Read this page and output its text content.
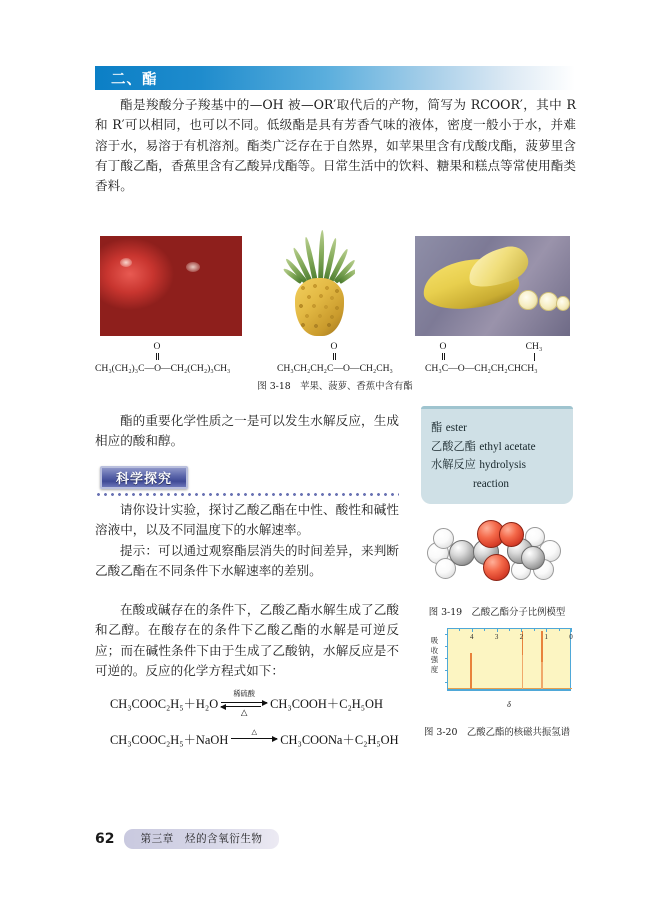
二、酯
酯是羧酸分子羧基中的—OH 被—OR′取代后的产物，简写为 RCOOR′，其中 R 和 R′可以相同，也可以不同。低级酯是具有芳香气味的液体，密度一般小于水，并难溶于水，易溶于有机溶剂。酯类广泛存在于自然界，如苹果里含有戊酸戊酯，菠萝里含有丁酸乙酯，香蕉里含有乙酸异戊酯等。日常生活中的饮料、糖果和糕点等常使用酯类香料。
O
CH₃(CH₂)₃C—O—CH₂(CH₂)₃CH₃
O
CH₃CH₂CH₂C—O—CH₂CH₃
O	CH₃
CH₃C—O—CH₂CH₂CHCH₃
图 3-18　苹果、菠萝、香蕉中含有酯
酯的重要化学性质之一是可以发生水解反应，生成相应的酸和醇。
酯 ester
乙酸乙酯 ethyl acetate
水解反应 hydrolysis
reaction
科学探究
请你设计实验，探讨乙酸乙酯在中性、酸性和碱性溶液中，以及不同温度下的水解速率。
提示：可以通过观察酯层消失的时间差异，来判断乙酸乙酯在不同条件下水解速率的差别。
图 3-19　乙酸乙酯分子比例模型
在酸或碱存在的条件下，乙酸乙酯水解生成了乙酸和乙醇。在酸存在的条件下乙酸乙酯的水解是可逆反应；而在碱性条件下由于生成了乙酸钠，水解反应是不可逆的。反应的化学方程式如下：
CH₃COOC₂H₅＋H₂O
稀硫酸
△
CH₃COOH＋C₂H₅OH
CH₃COOC₂H₅＋NaOH
△
CH₃COONa＋C₂H₅OH
吸
收
强
度
4	3	2	1	0
δ
图 3-20　乙酸乙酯的核磁共振氢谱
62	第三章　烃的含氧衍生物
